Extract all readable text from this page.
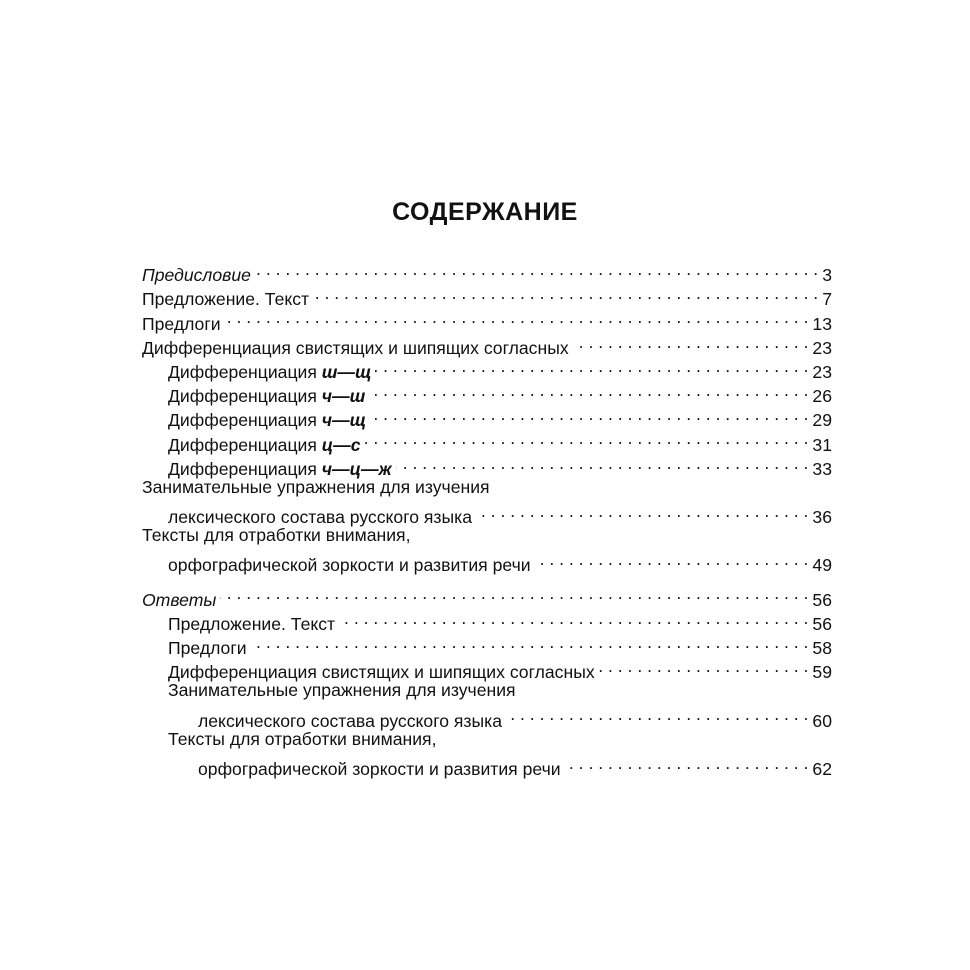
СОДЕРЖАНИЕ
Предисловие . . .	3
Предложение. Текст . . .	7
Предлоги . . .	13
Дифференциация свистящих и шипящих согласных . . .	23
Дифференциация ш—щ . . .	23
Дифференциация ч—ш . . .	26
Дифференциация ч—щ . . .	29
Дифференциация ц—с . . .	31
Дифференциация ч—ц—ж . . .	33
Занимательные упражнения для изучения
лексического состава русского языка . . .	36
Тексты для отработки внимания,
орфографической зоркости и развития речи . . .	49
Ответы . . .	56
Предложение. Текст . . .	56
Предлоги . . .	58
Дифференциация свистящих и шипящих согласных . . .	59
Занимательные упражнения для изучения
лексического состава русского языка . . .	60
Тексты для отработки внимания,
орфографической зоркости и развития речи . . .	62
